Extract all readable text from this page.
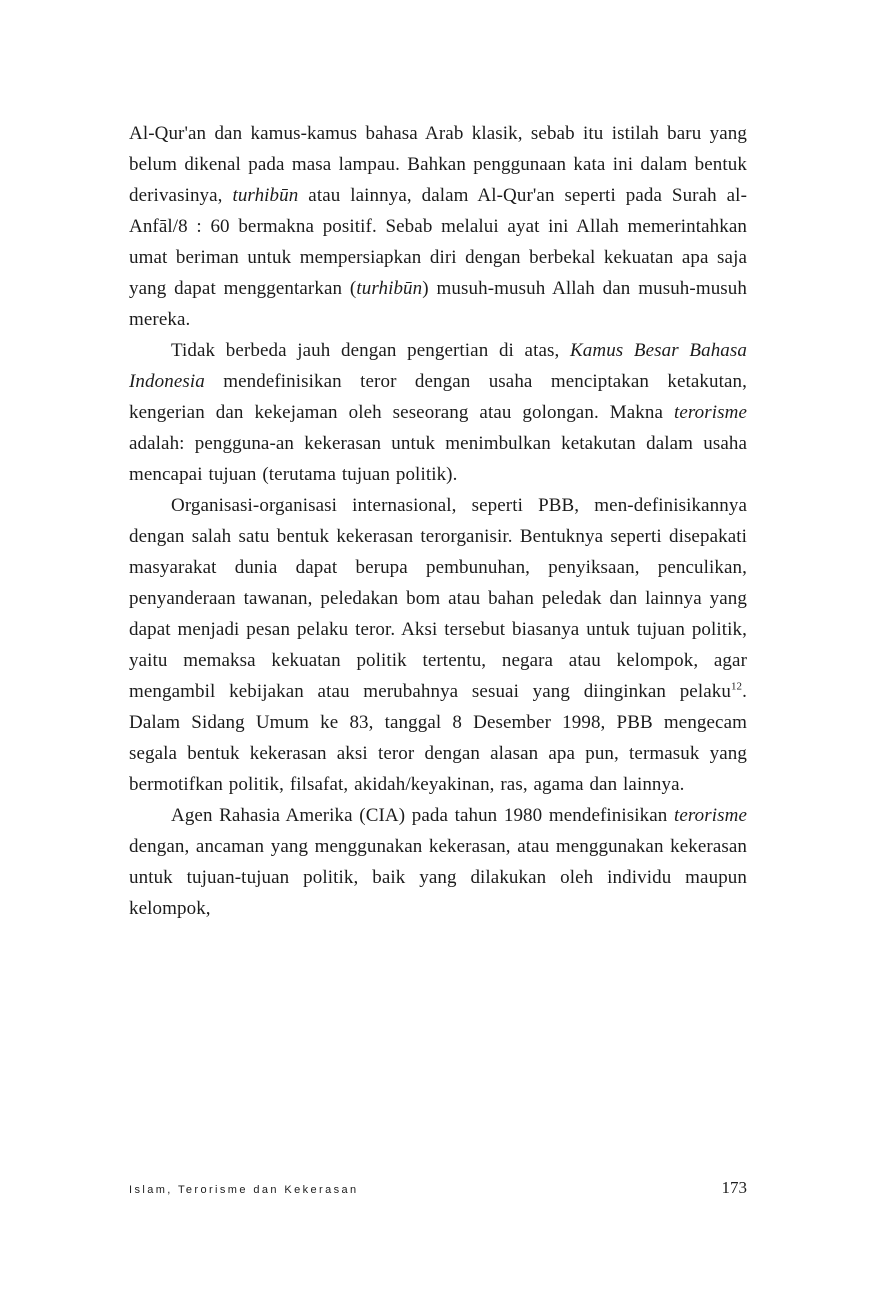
Al-Qur'an dan kamus-kamus bahasa Arab klasik, sebab itu istilah baru yang belum dikenal pada masa lampau. Bahkan penggunaan kata ini dalam bentuk derivasinya, turhibūn atau lainnya, dalam Al-Qur'an seperti pada Surah al-Anfāl/8 : 60 bermakna positif. Sebab melalui ayat ini Allah memerintahkan umat beriman untuk mempersiapkan diri dengan berbekal kekuatan apa saja yang dapat menggentarkan (turhibūn) musuh-musuh Allah dan musuh-musuh mereka.

Tidak berbeda jauh dengan pengertian di atas, Kamus Besar Bahasa Indonesia mendefinisikan teror dengan usaha menciptakan ketakutan, kengerian dan kekejaman oleh seseorang atau golongan. Makna terorisme adalah: pengguna-an kekerasan untuk menimbulkan ketakutan dalam usaha mencapai tujuan (terutama tujuan politik).

Organisasi-organisasi internasional, seperti PBB, men-definisikannya dengan salah satu bentuk kekerasan terorganisir. Bentuknya seperti disepakati masyarakat dunia dapat berupa pembunuhan, penyiksaan, penculikan, penyanderaan tawanan, peledakan bom atau bahan peledak dan lainnya yang dapat menjadi pesan pelaku teror. Aksi tersebut biasanya untuk tujuan politik, yaitu memaksa kekuatan politik tertentu, negara atau kelompok, agar mengambil kebijakan atau merubahnya sesuai yang diinginkan pelaku$^{12}$. Dalam Sidang Umum ke 83, tanggal 8 Desember 1998, PBB mengecam segala bentuk kekerasan aksi teror dengan alasan apa pun, termasuk yang bermotifkan politik, filsafat, akidah/keyakinan, ras, agama dan lainnya.

Agen Rahasia Amerika (CIA) pada tahun 1980 mendefinisikan terorisme dengan, ancaman yang menggunakan kekerasan, atau menggunakan kekerasan untuk tujuan-tujuan politik, baik yang dilakukan oleh individu maupun kelompok,

Islam, Terorisme dan Kekerasan	173
